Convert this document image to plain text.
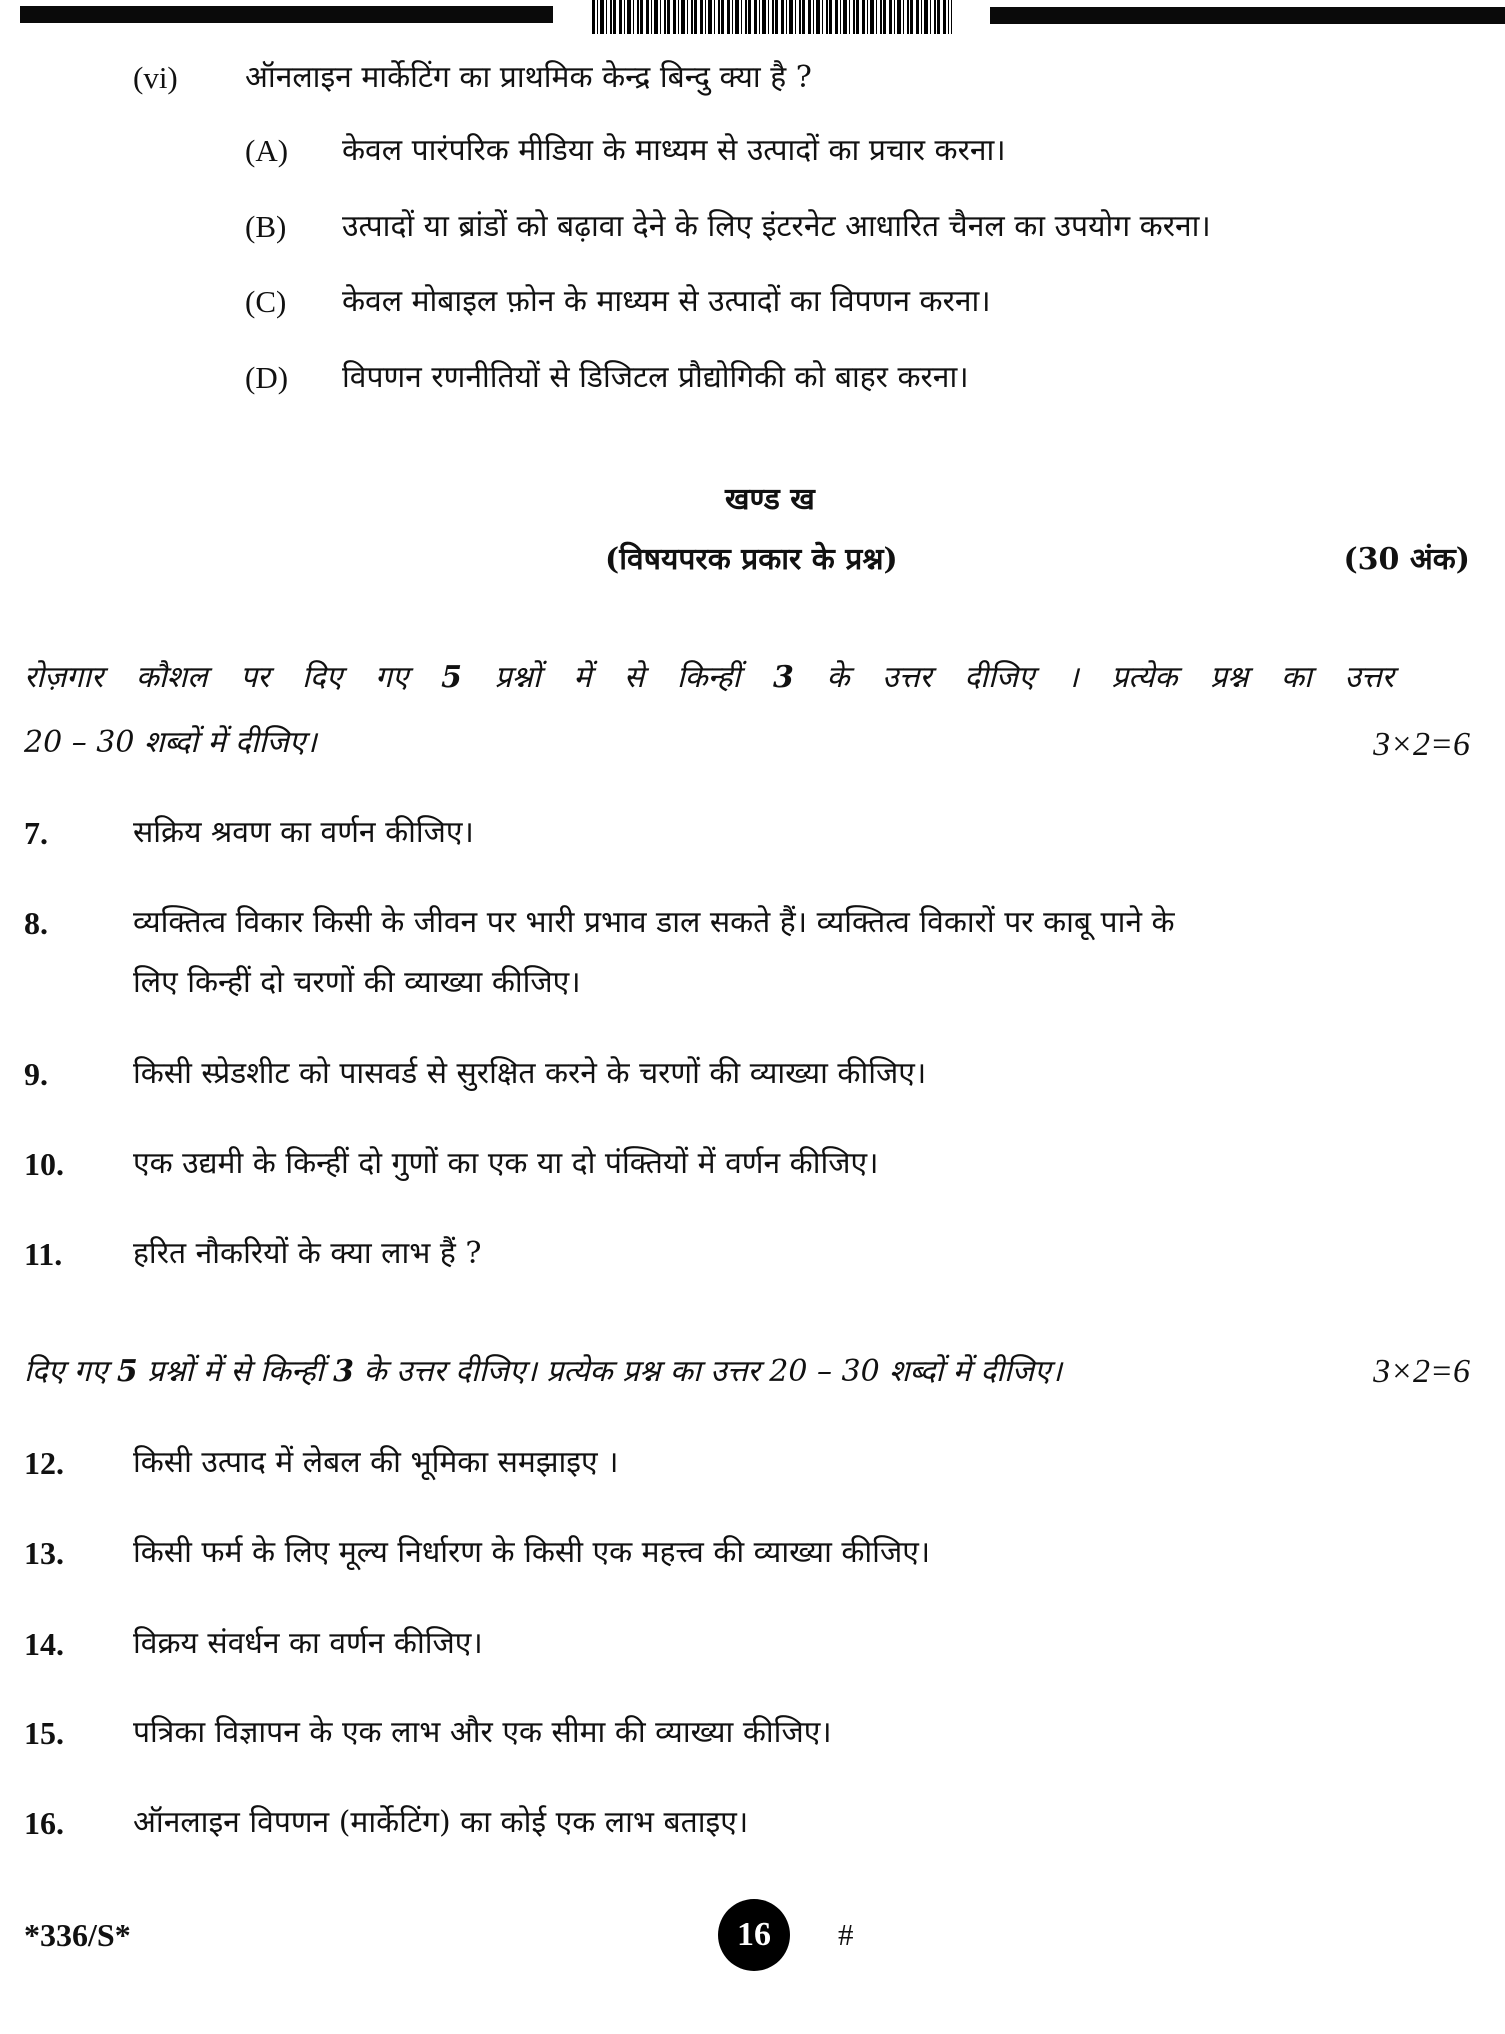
(vi) ऑनलाइन मार्केटिंग का प्राथमिक केन्द्र बिन्दु क्या है ?
(A) केवल पारंपरिक मीडिया के माध्यम से उत्पादों का प्रचार करना।
(B) उत्पादों या ब्रांडों को बढ़ावा देने के लिए इंटरनेट आधारित चैनल का उपयोग करना।
(C) केवल मोबाइल फ़ोन के माध्यम से उत्पादों का विपणन करना।
(D) विपणन रणनीतियों से डिजिटल प्रौद्योगिकी को बाहर करना।
खण्ड ख
(विषयपरक प्रकार के प्रश्न)	(30 अंक)
रोज़गार कौशल पर दिए गए 5 प्रश्नों में से किन्हीं 3 के उत्तर दीजिए । प्रत्येक प्रश्न का उत्तर
20 – 30 शब्दों में दीजिए।	3×2=6
7.	सक्रिय श्रवण का वर्णन कीजिए।
8.	व्यक्तित्व विकार किसी के जीवन पर भारी प्रभाव डाल सकते हैं। व्यक्तित्व विकारों पर काबू पाने के
लिए किन्हीं दो चरणों की व्याख्या कीजिए।
9.	किसी स्प्रेडशीट को पासवर्ड से सुरक्षित करने के चरणों की व्याख्या कीजिए।
10. एक उद्यमी के किन्हीं दो गुणों का एक या दो पंक्तियों में वर्णन कीजिए।
11. हरित नौकरियों के क्या लाभ हैं ?
दिए गए 5 प्रश्नों में से किन्हीं 3 के उत्तर दीजिए। प्रत्येक प्रश्न का उत्तर 20 – 30 शब्दों में दीजिए।	3×2=6
12. किसी उत्पाद में लेबल की भूमिका समझाइए ।
13. किसी फर्म के लिए मूल्य निर्धारण के किसी एक महत्त्व की व्याख्या कीजिए।
14. विक्रय संवर्धन का वर्णन कीजिए।
15. पत्रिका विज्ञापन के एक लाभ और एक सीमा की व्याख्या कीजिए।
16. ऑनलाइन विपणन (मार्केटिंग) का कोई एक लाभ बताइए।
*336/S*	16 #
